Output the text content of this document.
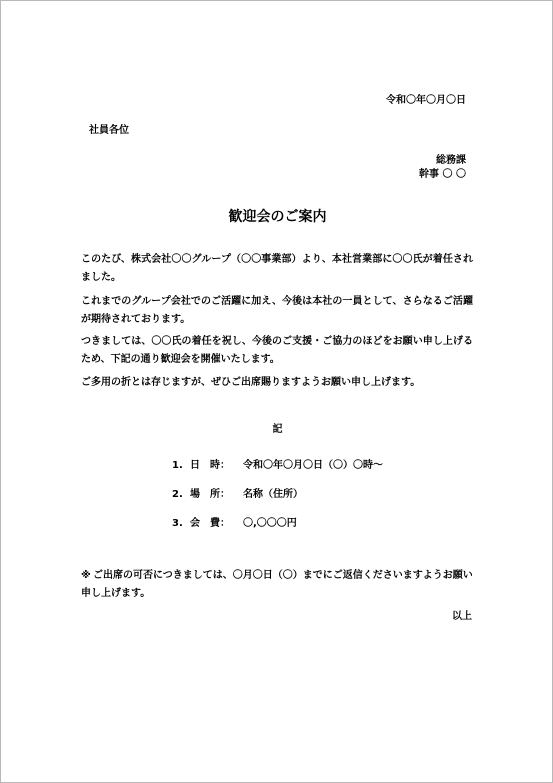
令和〇年〇月〇日
社員各位
総務課
幹事 〇 〇
歓迎会のご案内
このたび、株式会社〇〇グループ（〇〇事業部）より、本社営業部に〇〇氏が着任されました。
これまでのグループ会社でのご活躍に加え、今後は本社の一員として、さらなるご活躍が期待されております。
つきましては、〇〇氏の着任を祝し、今後のご支援・ご協力のほどをお願い申し上げるため、下記の通り歓迎会を開催いたします。
ご多用の折とは存じますが、ぜひご出席賜りますようお願い申し上げます。
記
1. 日　時： 令和〇年〇月〇日（〇）〇時～
2. 場　所： 名称（住所）
3. 会　費： 〇,〇〇〇円
※ ご出席の可否につきましては、〇月〇日（〇）までにご返信くださいますようお願い申し上げます。
以上
